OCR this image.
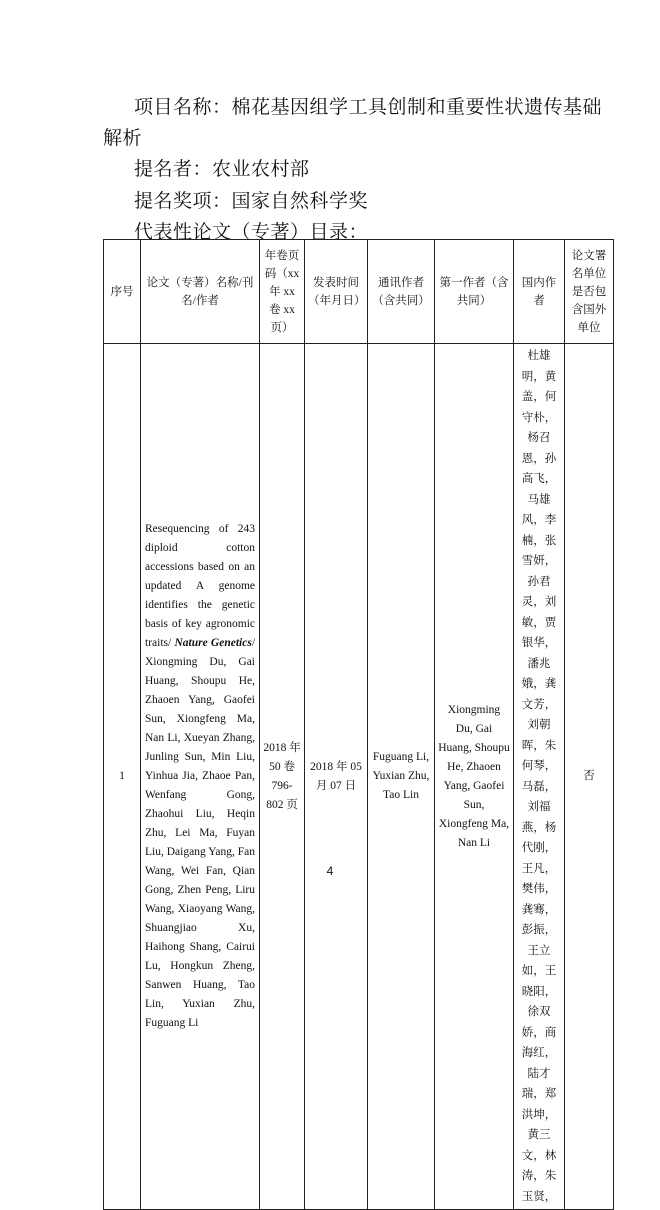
项目名称：棉花基因组学工具创制和重要性状遗传基础
解析
提名者：农业农村部
提名奖项：国家自然科学奖
代表性论文（专著）目录：
序号	论文（专著）名称/刊名/作者	年卷页码（xx 年 xx 卷 xx 页）	发表时间（年月日）	通讯作者（含共同）	第一作者（含共同）	国内作者	论文署名单位是否包含国外单位
1	Resequencing of 243 diploid cotton accessions based on an updated A genome identifies the genetic basis of key agronomic traits/ Nature Genetics/ Xiongming Du, Gai Huang, Shoupu He, Zhaoen Yang, Gaofei Sun, Xiongfeng Ma, Nan Li, Xueyan Zhang, Junling Sun, Min Liu, Yinhua Jia, Zhaoe Pan, Wenfang Gong, Zhaohui Liu, Heqin Zhu, Lei Ma, Fuyan Liu, Daigang Yang, Fan Wang, Wei Fan, Qian Gong, Zhen Peng, Liru Wang, Xiaoyang Wang, Shuangjiao Xu, Haihong Shang, Cairui Lu, Hongkun Zheng, Sanwen Huang, Tao Lin, Yuxian Zhu, Fuguang Li	2018 年 50 卷 796-802 页	2018 年 05 月 07 日	Fuguang Li, Yuxian Zhu, Tao Lin	Xiongming Du, Gai Huang, Shoupu He, Zhaoen Yang, Gaofei Sun, Xiongfeng Ma, Nan Li	杜雄明，黄盖，何守朴，杨召恩，孙高飞，马雄风，李楠，张雪妍，孙君灵，刘敏，贾银华，潘兆娥，龚文芳，刘朝晖，朱何琴，马磊，刘福燕，杨代刚，王凡，樊伟，龚骞，彭振，王立如，王晓阳，徐双娇，商海红，陆才瑞，郑洪坤，黄三文，林涛，朱玉贤，	否
4
